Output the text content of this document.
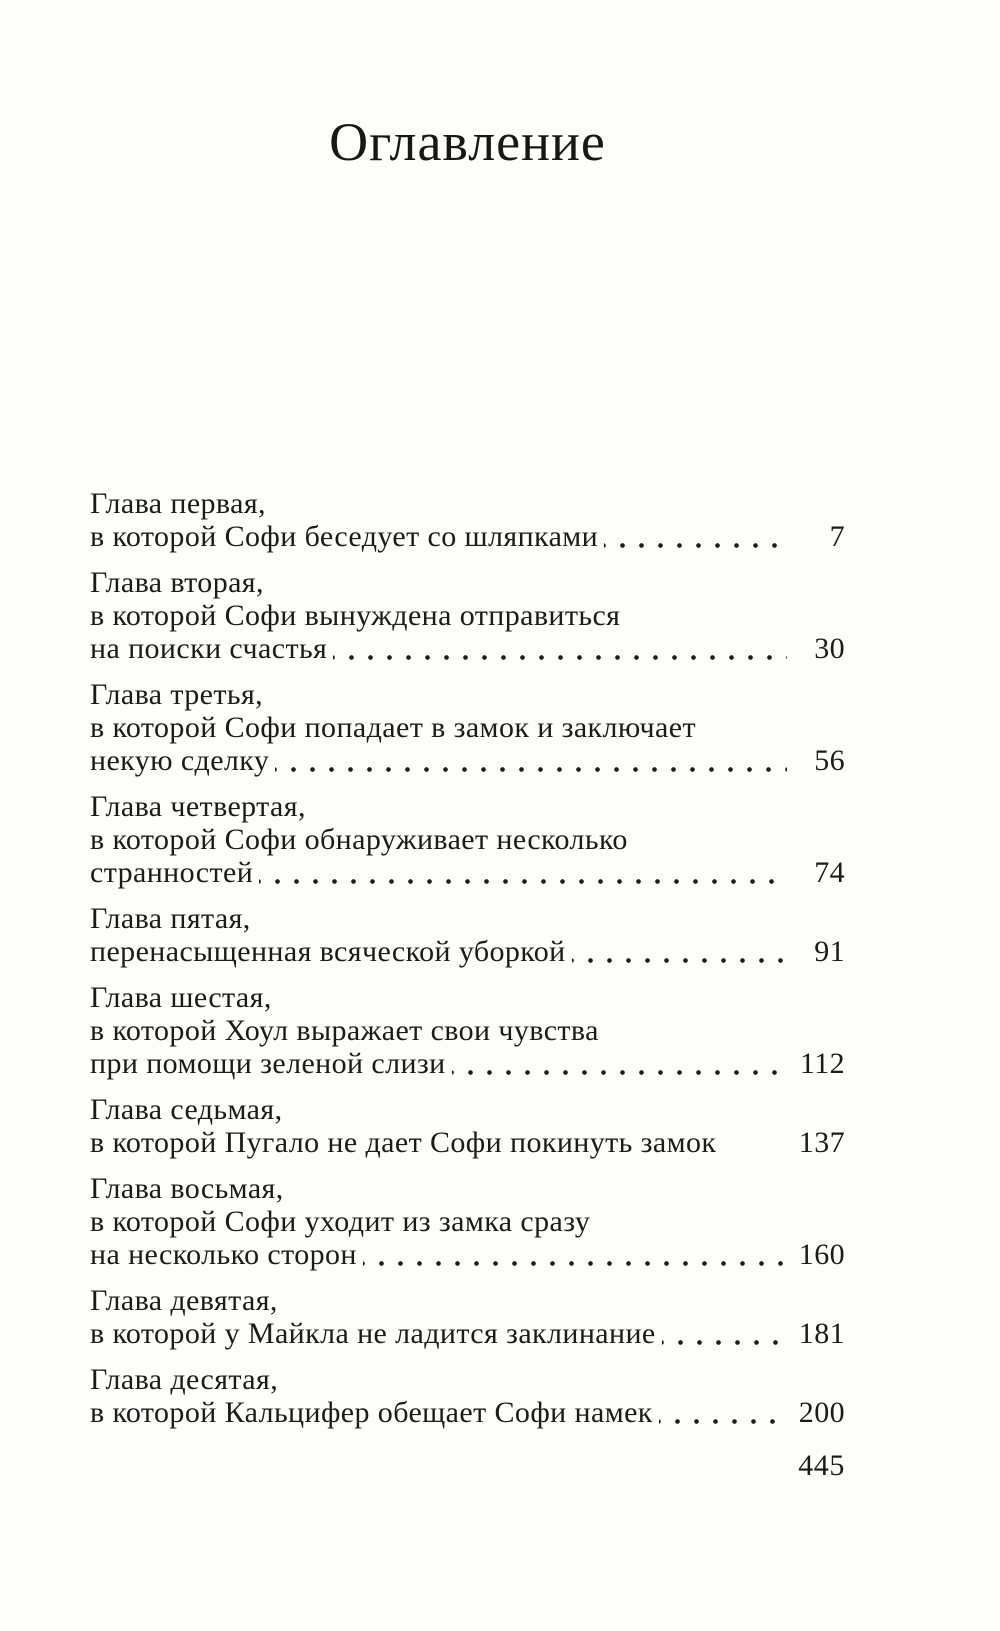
Оглавление
Глава первая,
в которой Софи беседует со шляпками	7
Глава вторая,
в которой Софи вынуждена отправиться
на поиски счастья	30
Глава третья,
в которой Софи попадает в замок и заключает
некую сделку	56
Глава четвертая,
в которой Софи обнаруживает несколько
странностей	74
Глава пятая,
перенасыщенная всяческой уборкой	91
Глава шестая,
в которой Хоул выражает свои чувства
при помощи зеленой слизи	112
Глава седьмая,
в которой Пугало не дает Софи покинуть замок	137
Глава восьмая,
в которой Софи уходит из замка сразу
на несколько сторон	160
Глава девятая,
в которой у Майкла не ладится заклинание	181
Глава десятая,
в которой Кальцифер обещает Софи намек	200
445
